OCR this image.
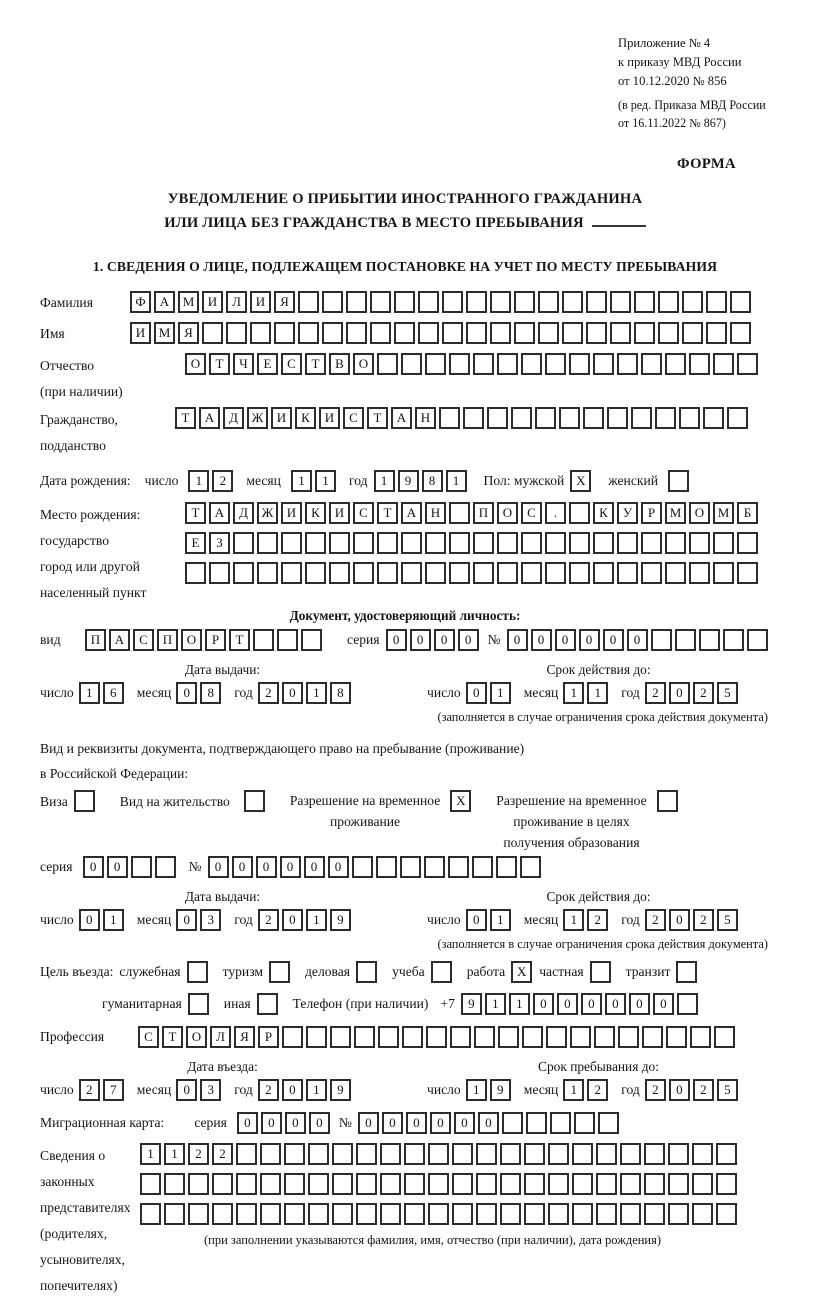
Приложение № 4
к приказу МВД России
от 10.12.2020 № 856
(в ред. Приказа МВД России
от 16.11.2022 № 867)
ФОРМА
УВЕДОМЛЕНИЕ О ПРИБЫТИИ ИНОСТРАННОГО ГРАЖДАНИНА
ИЛИ ЛИЦА БЕЗ ГРАЖДАНСТВА В МЕСТО ПРЕБЫВАНИЯ
1. СВЕДЕНИЯ О ЛИЦЕ, ПОДЛЕЖАЩЕМ ПОСТАНОВКЕ НА УЧЕТ ПО МЕСТУ ПРЕБЫВАНИЯ
Фамилия	Ф	А	М	И	Л	И	Я
Имя	И	М	Я
Отчество
(при наличии)
О	Т	Ч	Е	С	Т	В	О
Гражданство,
подданство
Т	А	Д	Ж	И	К	И	С	Т	А	Н
Дата рождения: число	1	2	месяц	1	1	год	1	9	8	1	Пол: мужской X	женский
Место рождения:
государство
город или другой
населенный пункт
Т	А	Д	Ж	И	К	И	С	Т	А	Н	П	О	С	.	К	У	Р	М	О	М	Б
Е	З
Документ, удостоверяющий личность:
вид	П	А	С	П	О	Р	Т	серия	0	0	0	0	№	0	0	0	0	0	0
Дата выдачи:
число 1	6	месяц 0	8	год 2	0	1	8
Срок действия до:
число 0	1	месяц 1	1	год 2	0	2	5
(заполняется в случае ограничения срока действия документа)
Вид и реквизиты документа, подтверждающего право на пребывание (проживание)
в Российской Федерации:
Виза	Вид на жительство	Разрешение на временное
проживание
X	Разрешение на временное
проживание в целях
получения образования
серия	0	0	№	0	0	0	0	0	0
Дата выдачи:
число 0	1	месяц 0	3	год 2	0	1	9
Срок действия до:
число 0	1	месяц 1	2	год 2	0	2	5
(заполняется в случае ограничения срока действия документа)
Цель въезда: служебная	туризм	деловая	учеба	работа X частная	транзит
гуманитарная	иная	Телефон (при наличии) +7	9	1	1	0	0	0	0	0	0
Профессия	С	Т	О	Л	Я	Р
Дата въезда:
число 2	7	месяц 0	3	год 2	0	1	9
Срок пребывания до:
число 1	9	месяц 1	2	год 2	0	2	5
Миграционная карта: серия	0	0	0	0	№	0	0	0	0	0	0
Сведения о
законных
представителях
(родителях,
усыновителях,
попечителях)
1	1	2	2
(при заполнении указываются фамилия, имя, отчество (при наличии), дата рождения)
